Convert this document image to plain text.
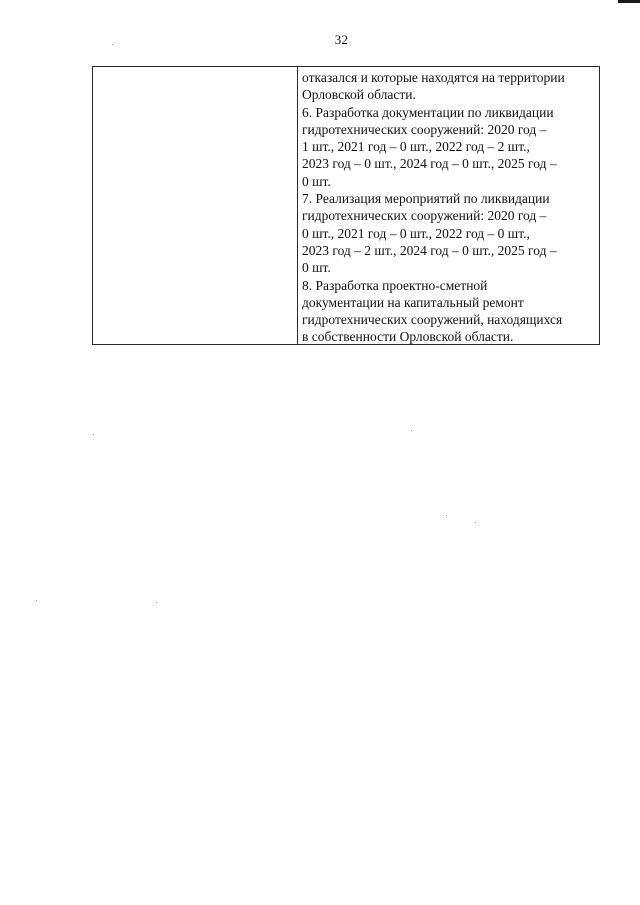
32
отказался и которые находятся на территории
Орловской области.
6. Разработка документации по ликвидации
гидротехнических сооружений: 2020 год –
1 шт., 2021 год – 0 шт., 2022 год – 2 шт.,
2023 год – 0 шт., 2024 год – 0 шт., 2025 год –
0 шт.
7. Реализация мероприятий по ликвидации
гидротехнических сооружений: 2020 год –
0 шт., 2021 год – 0 шт., 2022 год – 0 шт.,
2023 год – 2 шт., 2024 год – 0 шт., 2025 год –
0 шт.
8. Разработка проектно-сметной
документации на капитальный ремонт
гидротехнических сооружений, находящихся
в собственности Орловской области.
